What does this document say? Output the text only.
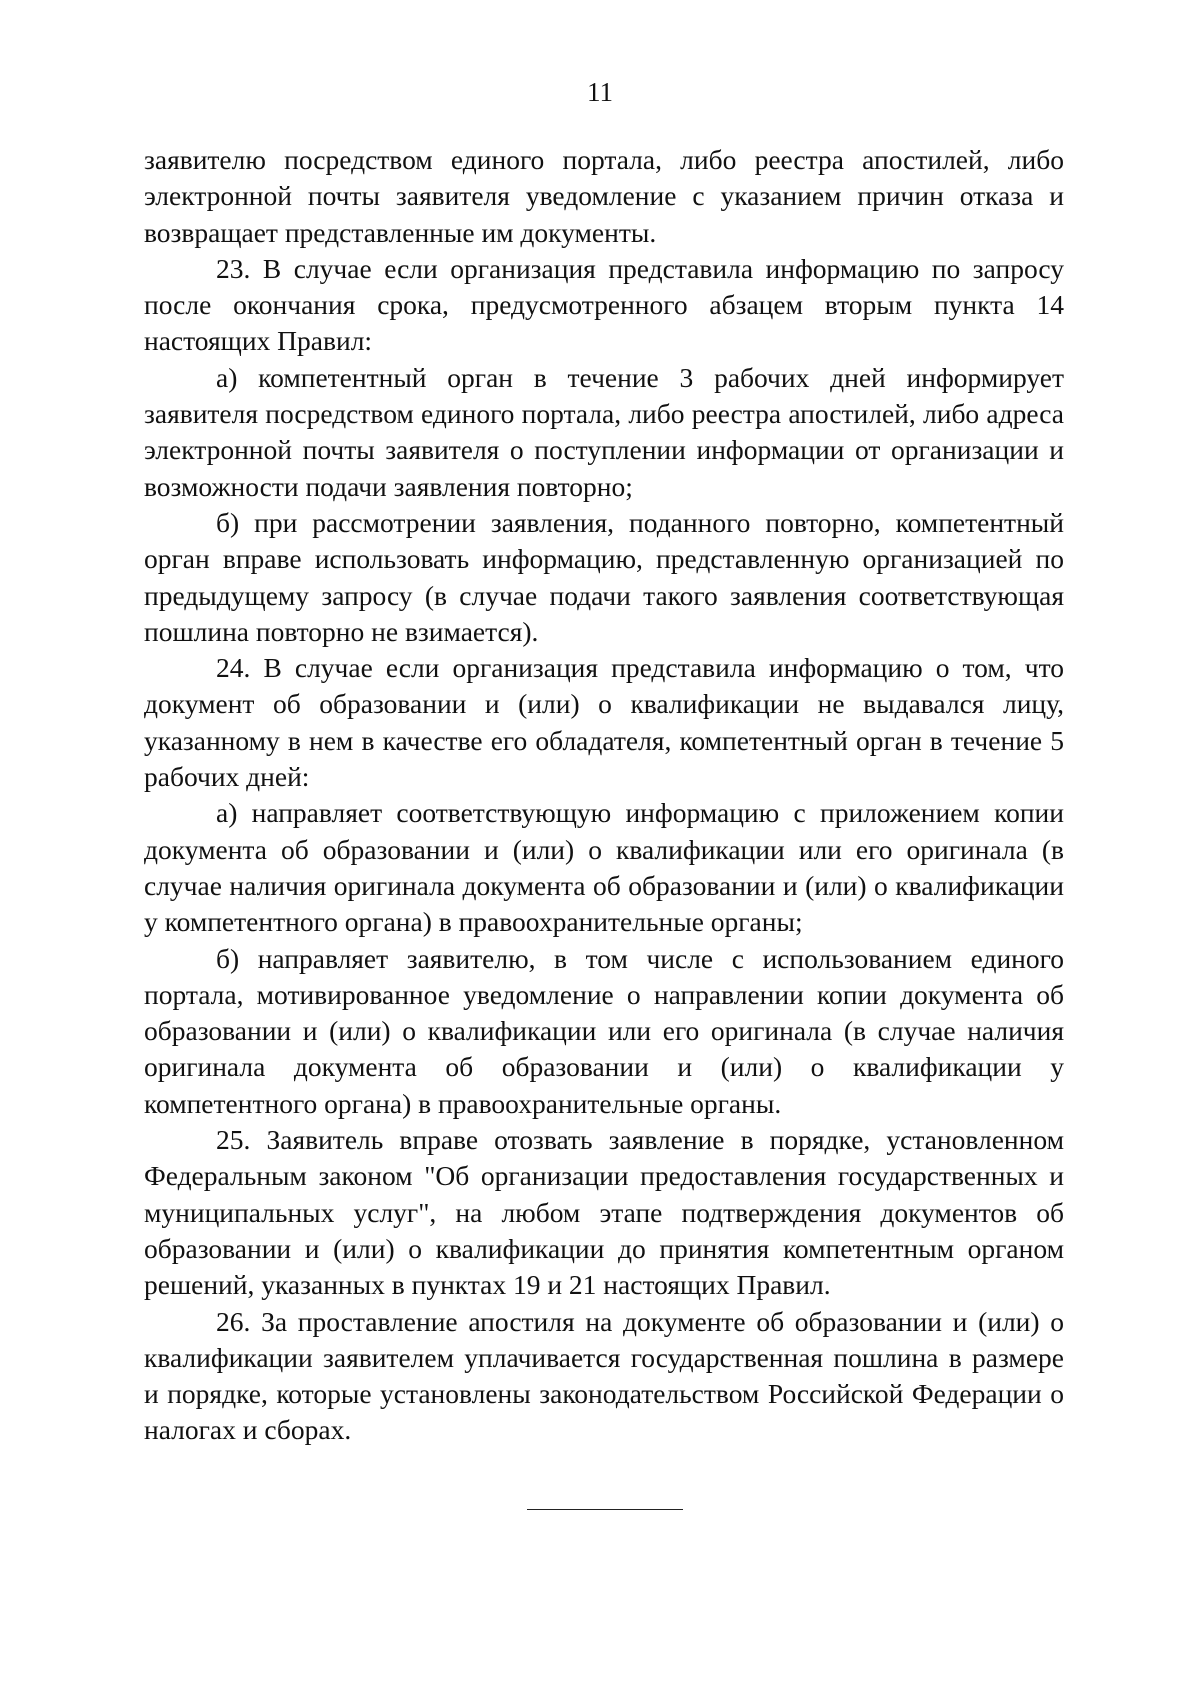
11

заявителю посредством единого портала, либо реестра апостилей, либо электронной почты заявителя уведомление с указанием причин отказа и возвращает представленные им документы.

23. В случае если организация представила информацию по запросу после окончания срока, предусмотренного абзацем вторым пункта 14 настоящих Правил:

а) компетентный орган в течение 3 рабочих дней информирует заявителя посредством единого портала, либо реестра апостилей, либо адреса электронной почты заявителя о поступлении информации от организации и возможности подачи заявления повторно;

б) при рассмотрении заявления, поданного повторно, компетентный орган вправе использовать информацию, представленную организацией по предыдущему запросу (в случае подачи такого заявления соответствующая пошлина повторно не взимается).

24. В случае если организация представила информацию о том, что документ об образовании и (или) о квалификации не выдавался лицу, указанному в нем в качестве его обладателя, компетентный орган в течение 5 рабочих дней:

а) направляет соответствующую информацию с приложением копии документа об образовании и (или) о квалификации или его оригинала (в случае наличия оригинала документа об образовании и (или) о квалификации у компетентного органа) в правоохранительные органы;

б) направляет заявителю, в том числе с использованием единого портала, мотивированное уведомление о направлении копии документа об образовании и (или) о квалификации или его оригинала (в случае наличия оригинала документа об образовании и (или) о квалификации у компетентного органа) в правоохранительные органы.

25. Заявитель вправе отозвать заявление в порядке, установленном Федеральным законом "Об организации предоставления государственных и муниципальных услуг", на любом этапе подтверждения документов об образовании и (или) о квалификации до принятия компетентным органом решений, указанных в пунктах 19 и 21 настоящих Правил.

26. За проставление апостиля на документе об образовании и (или) о квалификации заявителем уплачивается государственная пошлина в размере и порядке, которые установлены законодательством Российской Федерации о налогах и сборах.
